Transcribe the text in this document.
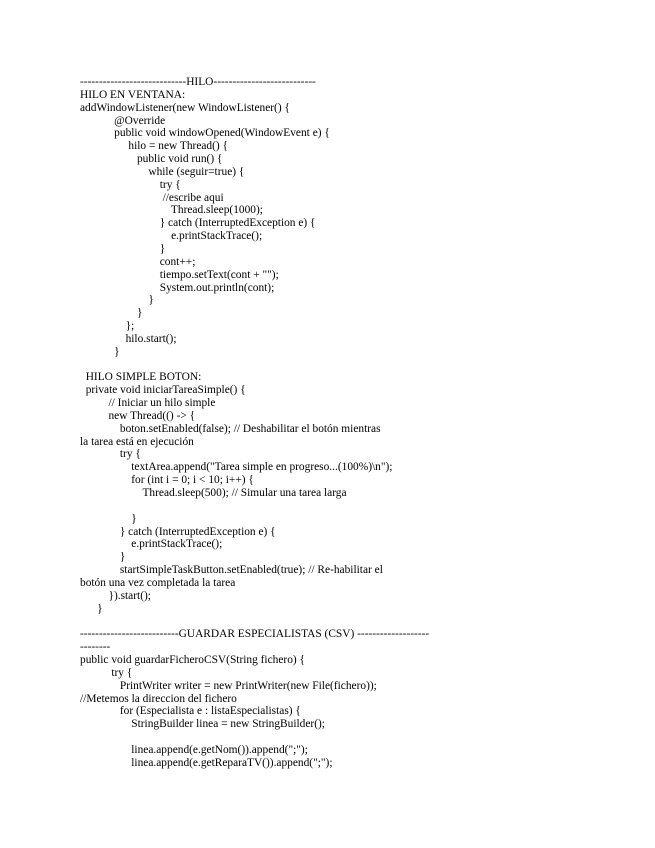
----------------------------HILO---------------------------
HILO EN VENTANA:
addWindowListener(new WindowListener() {
@Override
public void windowOpened(WindowEvent e) {
hilo = new Thread() {
public void run() {
while (seguir=true) {
try {
//escribe aqui
Thread.sleep(1000);
} catch (InterruptedException e) {
e.printStackTrace();
}
cont++;
tiempo.setText(cont + "");
System.out.println(cont);
}
}
};
hilo.start();
}
HILO SIMPLE BOTON:
private void iniciarTareaSimple() {
// Iniciar un hilo simple
new Thread(() -> {
boton.setEnabled(false); // Deshabilitar el botón mientras
la tarea está en ejecución
try {
textArea.append("Tarea simple en progreso...(100%)\n");
for (int i = 0; i < 10; i++) {
Thread.sleep(500); // Simular una tarea larga
}
} catch (InterruptedException e) {
e.printStackTrace();
}
startSimpleTaskButton.setEnabled(true); // Re-habilitar el
botón una vez completada la tarea
}).start();
}
--------------------------GUARDAR ESPECIALISTAS (CSV) -------------------
--------
public void guardarFicheroCSV(String fichero) {
try {
PrintWriter writer = new PrintWriter(new File(fichero));
//Metemos la direccion del fichero
for (Especialista e : listaEspecialistas) {
StringBuilder linea = new StringBuilder();
linea.append(e.getNom()).append(";");
linea.append(e.getReparaTV()).append(";");
